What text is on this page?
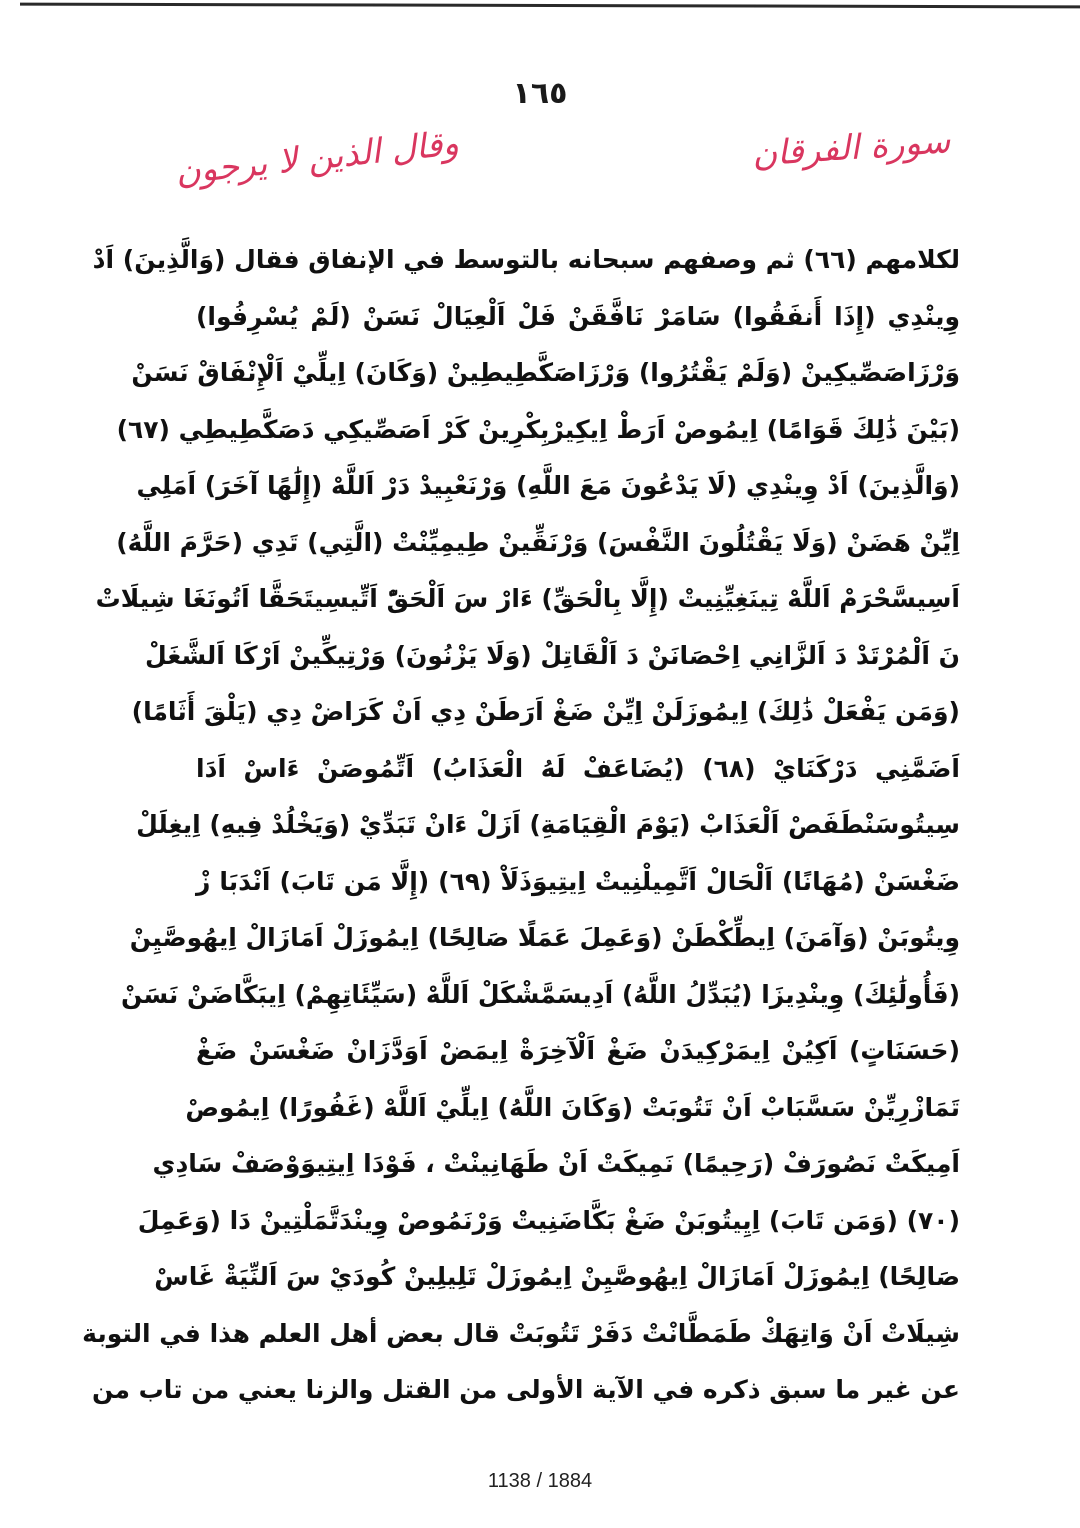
١٦٥
سورة الفرقان
وقال الذين لا يرجون
لكلامهم (٦٦) ثم وصفهم سبحانه بالتوسط في الإنفاق فقال (وَالَّذِينَ) اَدْ
وِينْدِي (إِذَا أَنفَقُوا) سَامَرْ نَافَّقَنْ فَلْ اَلْعِيَالْ نَسَنْ (لَمْ يُسْرِفُوا)
وَرْزَاصَصِّيكِينْ (وَلَمْ يَقْتُرُوا) وَرْزَاصَكَّطِيطِينْ (وَكَانَ) اِيلِّيْ اَلْإِنْفَاقْ نَسَنْ
(بَيْنَ ذَٰلِكَ قَوَامًا) اِيمُوصْ اَرَطْ اِيكِيرْبِكْرِينْ كَرْ اَصَصِّيكِي دَصَكَّطِيطِي (٦٧)
(وَالَّذِينَ) اَدْ وِينْدِي (لَا يَدْعُونَ مَعَ اللَّهِ) وَرْنَعْبِيدْ دَرْ اَللَّهْ (إِلَٰهًا آخَرَ) اَمَلِي
اِيِّنْ هَضَنْ (وَلَا يَقْتُلُونَ النَّفْسَ) وَرْنَقِّينْ طِيمِيِّنْتْ (الَّتِي) تَدِي (حَرَّمَ اللَّهُ)
اَسِيسَّحْرَمْ اَللَّهْ تِينَغِيِّنِيتْ (إِلَّا بِالْحَقِّ) ءَارْ سَ اَلْحَقّْ اَتِّيسِيتَحَقَّا اَتُونَغَا شِيلَاتْ
نَ اَلْمُرْتَدْ دَ اَلزَّانِي اِحْصَانَنْ دَ اَلْقَاتِلْ (وَلَا يَزْنُونَ) وَرْتِيكِّينْ اَرْكَا اَلشَّغَلْ
(وَمَن يَفْعَلْ ذَٰلِكَ) اِيمُوزَلَنْ اِيِّنْ ضَغْ اَرَطَنْ دِي اَنْ كَرَاضْ دِي (يَلْقَ أَثَامًا)
اَضَمَّنِي دَرْكَنَايْ (٦٨) (يُضَاعَفْ لَهُ الْعَذَابُ) اَتِّمُوصَنْ ءَاسْ اَدَا
سِيتُوسَنْطَفَصْ اَلْعَذَابْ (يَوْمَ الْقِيَامَةِ) اَزَلْ ءَانْ تَبَدِّيْ (وَيَخْلُدْ فِيهِ) اِيغِلَلْ
ضَغْسَنْ (مُهَانًا) اَلْحَالْ اَتَّمِيلْنِيتْ اِيتِيوَذَلَاْ (٦٩) (إِلَّا مَن تَابَ) اَنْدَبَا زْ
وِيتُوبَنْ (وَآمَنَ) اِيطِّكْطَنْ (وَعَمِلَ عَمَلًا صَالِحًا) اِيمُوزَلْ اَمَازَالْ اِيهُوصَّيِنْ
(فَأُولَٰئِكَ) وِينْدِيزَا (يُبَدِّلُ اللَّهُ) اَدِيسَمَّشْكَلْ اَللَّهْ (سَيِّئَاتِهِمْ) اِيبَكَّاضَنْ نَسَنْ
(حَسَنَاتٍ) اَكِيُنْ اِيمَرْكِيدَنْ ضَغْ اَلْآخِرَةْ اِيمَضْ اَوَدَّزَانْ ضَغْسَنْ ضَغْ
تَمَازْرِيِّنْ سَسَّبَابْ اَنْ تَتُوبَتْ (وَكَانَ اللَّهُ) اِيلِّيْ اَللَّهْ (غَفُورًا) اِيمُوصْ
اَمِيكَتْ نَصُورَفْ (رَحِيمًا) نَمِيكَتْ اَنْ طَهَانِينْتْ ، فَوْدَا اِيتِيوَوْصَفْ سَادِي
(٧٠) (وَمَن تَابَ) اِيِيتُوبَنْ ضَغْ بَكَّاضَنِيتْ وَرْنَمُوصْ وِينْدَتَّمَلْتِينْ دَا (وَعَمِلَ
صَالِحًا) اِيمُوزَلْ اَمَازَالْ اِيهُوصَّيِنْ اِيمُوزَلْ تَلِيلِينْ كُودَيْ سَ اَلنِّيَةْ غَاسْ
شِيلَاتْ اَنْ وَاتِهَكْ طَمَطَّانْتْ دَفَرْ تَتُوبَتْ قال بعض أهل العلم هذا في التوبة
عن غير ما سبق ذكره في الآية الأولى من القتل والزنا يعني من تاب من
1138 / 1884
